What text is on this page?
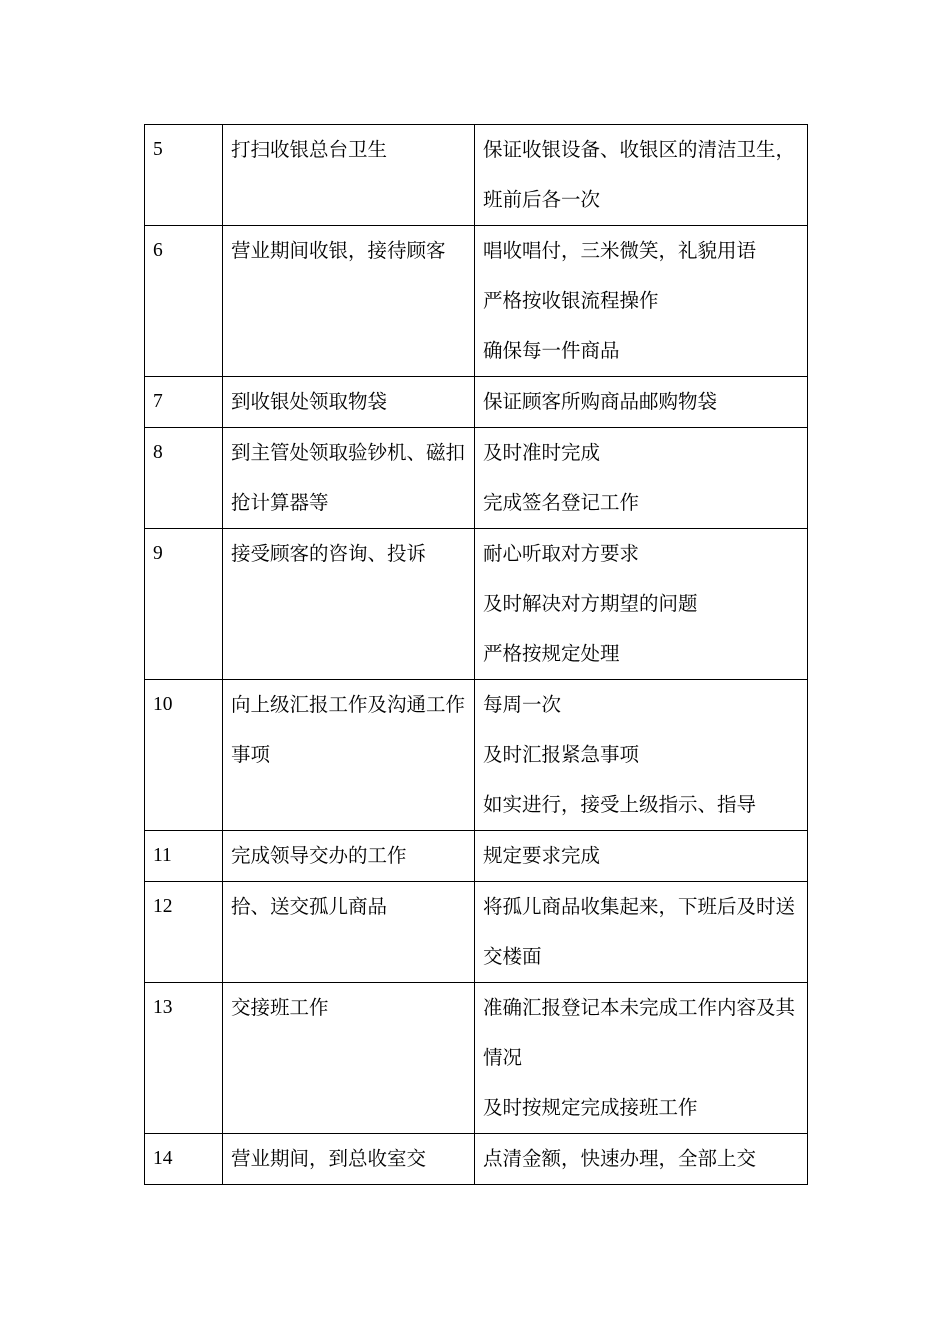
5	打扫收银总台卫生	保证收银设备、收银区的清洁卫生，班前后各一次

6	营业期间收银，接待顾客	唱收唱付，三米微笑，礼貌用语
严格按收银流程操作
确保每一件商品

7	到收银处领取物袋	保证顾客所购商品邮购物袋

8	到主管处领取验钞机、磁扣抢计算器等	及时准时完成
完成签名登记工作

9	接受顾客的咨询、投诉	耐心听取对方要求
及时解决对方期望的问题
严格按规定处理

10	向上级汇报工作及沟通工作事项	每周一次
及时汇报紧急事项
如实进行，接受上级指示、指导

11	完成领导交办的工作	规定要求完成

12	拾、送交孤儿商品	将孤儿商品收集起来，下班后及时送交楼面

13	交接班工作	准确汇报登记本未完成工作内容及其情况
及时按规定完成接班工作

14	营业期间，到总收室交	点清金额，快速办理，全部上交
